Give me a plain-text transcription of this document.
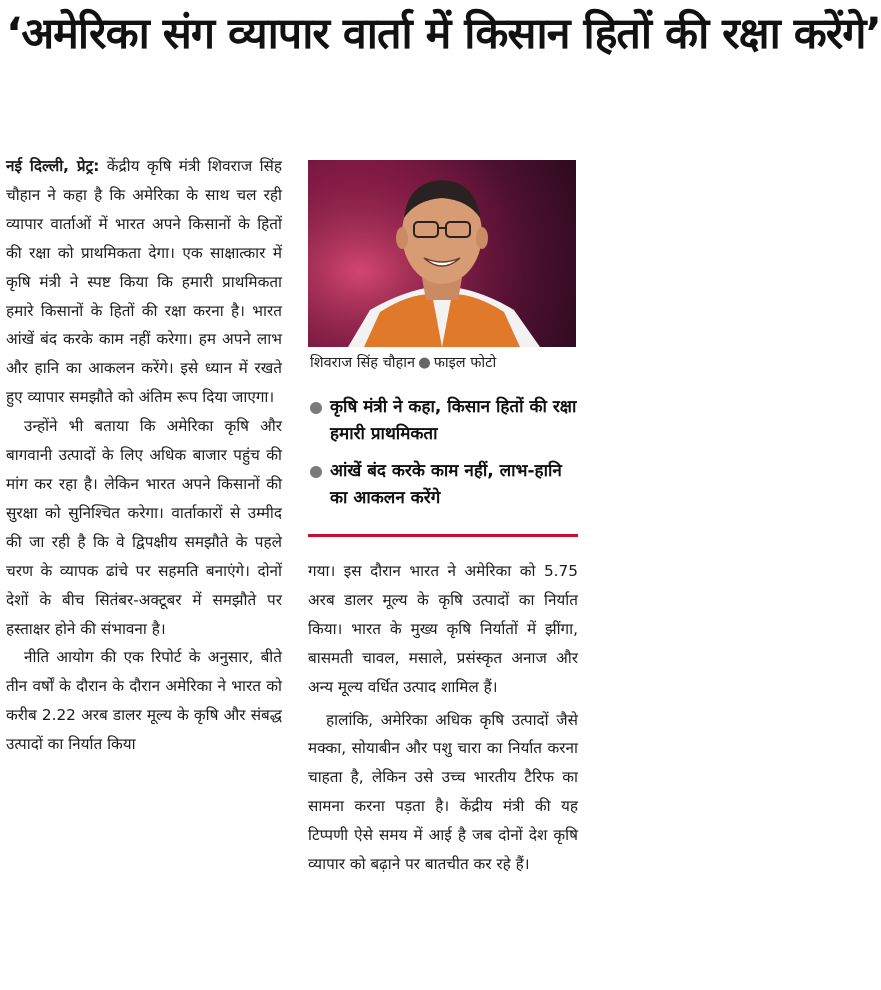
‘अमेरिका संग व्यापार वार्ता में किसान हितों की रक्षा करेंगे’

नई दिल्ली, प्रेट्र: केंद्रीय कृषि मंत्री शिवराज सिंह चौहान ने कहा है कि अमेरिका के साथ चल रही व्यापार वार्ताओं में भारत अपने किसानों के हितों की रक्षा को प्राथमिकता देगा। एक साक्षात्कार में कृषि मंत्री ने स्पष्ट किया कि हमारी प्राथमिकता हमारे किसानों के हितों की रक्षा करना है। भारत आंखें बंद करके काम नहीं करेगा। हम अपने लाभ और हानि का आकलन करेंगे। इसे ध्यान में रखते हुए व्यापार समझौते को अंतिम रूप दिया जाएगा।

उन्होंने भी बताया कि अमेरिका कृषि और बागवानी उत्पादों के लिए अधिक बाजार पहुंच की मांग कर रहा है। लेकिन भारत अपने किसानों की सुरक्षा को सुनिश्चित करेगा। वार्ताकारों से उम्मीद की जा रही है कि वे द्विपक्षीय समझौते के पहले चरण के व्यापक ढांचे पर सहमति बनाएंगे। दोनों देशों के बीच सितंबर-अक्टूबर में समझौते पर हस्ताक्षर होने की संभावना है।

नीति आयोग की एक रिपोर्ट के अनुसार, बीते तीन वर्षों के दौरान के दौरान अमेरिका ने भारत को करीब 2.22 अरब डालर मूल्य के कृषि और संबद्ध उत्पादों का निर्यात किया

शिवराज सिंह चौहान ● फाइल फोटो
कृषि मंत्री ने कहा, किसान हितों की रक्षा हमारी प्राथमिकता
आंखें बंद करके काम नहीं, लाभ-हानि का आकलन करेंगे

गया। इस दौरान भारत ने अमेरिका को 5.75 अरब डालर मूल्य के कृषि उत्पादों का निर्यात किया। भारत के मुख्य कृषि निर्यातों में झींगा, बासमती चावल, मसाले, प्रसंस्कृत अनाज और अन्य मूल्य वर्धित उत्पाद शामिल हैं।

हालांकि, अमेरिका अधिक कृषि उत्पादों जैसे मक्का, सोयाबीन और पशु चारा का निर्यात करना चाहता है, लेकिन उसे उच्च भारतीय टैरिफ का सामना करना पड़ता है। केंद्रीय मंत्री की यह टिप्पणी ऐसे समय में आई है जब दोनों देश कृषि व्यापार को बढ़ाने पर बातचीत कर रहे हैं।
